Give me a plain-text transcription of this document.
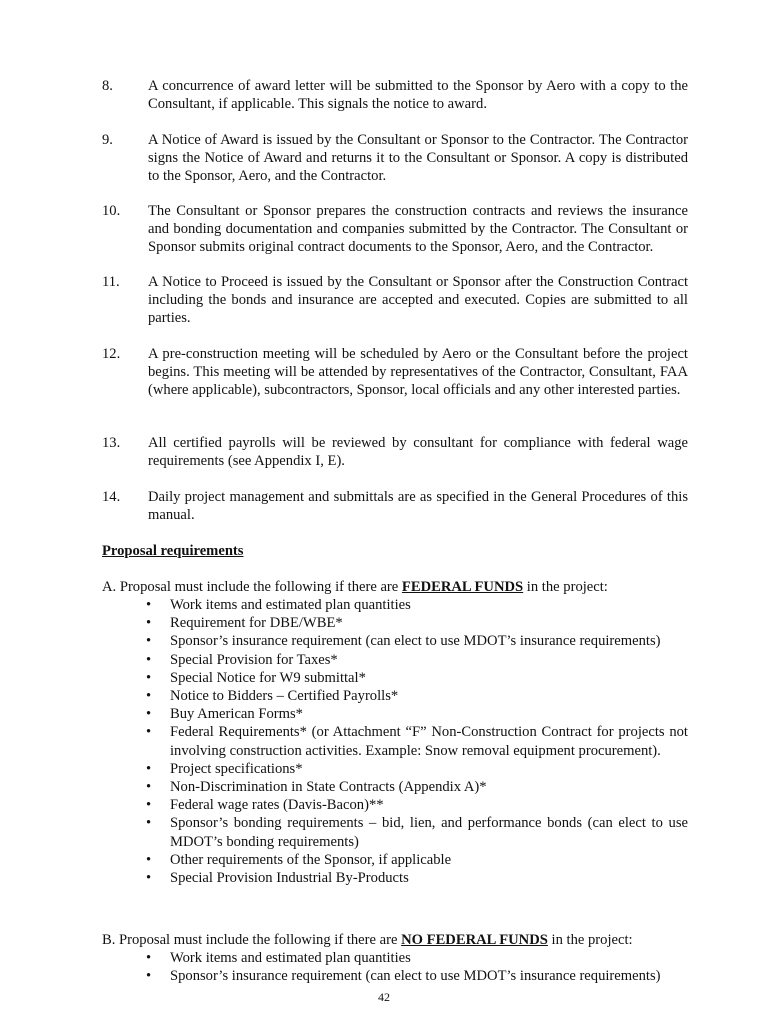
8.	A concurrence of award letter will be submitted to the Sponsor by Aero with a copy to the Consultant, if applicable. This signals the notice to award.
9.	A Notice of Award is issued by the Consultant or Sponsor to the Contractor. The Contractor signs the Notice of Award and returns it to the Consultant or Sponsor. A copy is distributed to the Sponsor, Aero, and the Contractor.
10.	The Consultant or Sponsor prepares the construction contracts and reviews the insurance and bonding documentation and companies submitted by the Contractor. The Consultant or Sponsor submits original contract documents to the Sponsor, Aero, and the Contractor.
11.	A Notice to Proceed is issued by the Consultant or Sponsor after the Construction Contract including the bonds and insurance are accepted and executed. Copies are submitted to all parties.
12.	A pre-construction meeting will be scheduled by Aero or the Consultant before the project begins. This meeting will be attended by representatives of the Contractor, Consultant, FAA (where applicable), subcontractors, Sponsor, local officials and any other interested parties.
13.	All certified payrolls will be reviewed by consultant for compliance with federal wage requirements (see Appendix I, E).
14.	Daily project management and submittals are as specified in the General Procedures of this manual.
Proposal requirements
A. Proposal must include the following if there are FEDERAL FUNDS in the project:
• Work items and estimated plan quantities
• Requirement for DBE/WBE*
• Sponsor’s insurance requirement (can elect to use MDOT’s insurance requirements)
• Special Provision for Taxes*
• Special Notice for W9 submittal*
• Notice to Bidders – Certified Payrolls*
• Buy American Forms*
• Federal Requirements* (or Attachment “F” Non-Construction Contract for projects not involving construction activities. Example: Snow removal equipment procurement).
• Project specifications*
• Non-Discrimination in State Contracts (Appendix A)*
• Federal wage rates (Davis-Bacon)**
• Sponsor’s bonding requirements – bid, lien, and performance bonds (can elect to use MDOT’s bonding requirements)
• Other requirements of the Sponsor, if applicable
• Special Provision Industrial By-Products
B. Proposal must include the following if there are NO FEDERAL FUNDS in the project:
• Work items and estimated plan quantities
• Sponsor’s insurance requirement (can elect to use MDOT’s insurance requirements)
42
